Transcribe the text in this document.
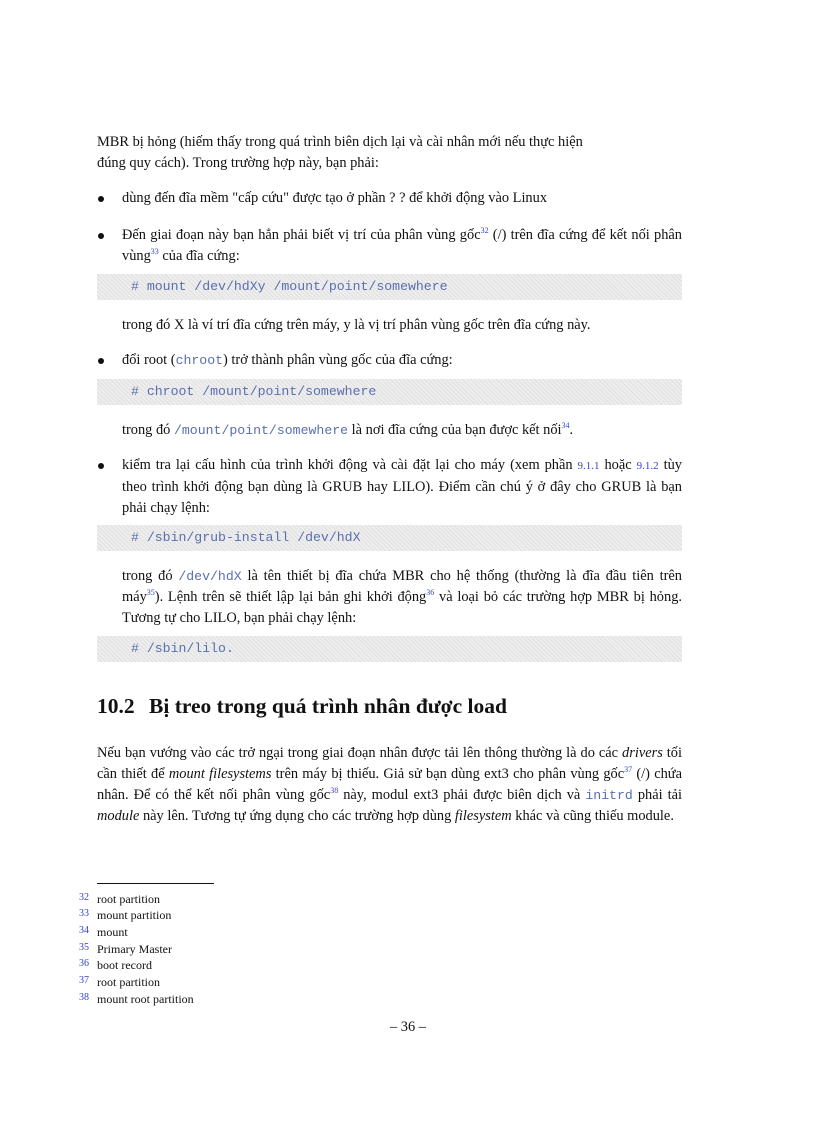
MBR bị hỏng (hiếm thấy trong quá trình biên dịch lại và cài nhân mới nếu thực hiện
đúng quy cách). Trong trường hợp này, bạn phải:

dùng đến đĩa mềm "cấp cứu" được tạo ở phần ? ? để khởi động vào Linux

Đến giai đoạn này bạn hẳn phải biết vị trí của phân vùng gốc$^{32}$ (/) trên đĩa cứng để kết nối phân vùng$^{33}$ của đĩa cứng:

# mount /dev/hdXy /mount/point/somewhere

trong đó X là ví trí đĩa cứng trên máy, y là vị trí phân vùng gốc trên đĩa cứng này.

đổi root (chroot) trở thành phân vùng gốc của đĩa cứng:

# chroot /mount/point/somewhere

trong đó /mount/point/somewhere là nơi đĩa cứng của bạn được kết nối$^{34}$.

kiểm tra lại cấu hình của trình khởi động và cài đặt lại cho máy (xem phần 9.1.1 hoặc 9.1.2 tùy theo trình khởi động bạn dùng là GRUB hay LILO). Điểm cần chú ý ở đây cho GRUB là bạn phải chạy lệnh:

# /sbin/grub-install /dev/hdX

trong đó /dev/hdX là tên thiết bị đĩa chứa MBR cho hệ thống (thường là đĩa đầu tiên trên máy$^{35}$). Lệnh trên sẽ thiết lập lại bản ghi khởi động$^{36}$ và loại bỏ các trường hợp MBR bị hỏng. Tương tự cho LILO, bạn phải chạy lệnh:

# /sbin/lilo.
10.2 Bị treo trong quá trình nhân được load

Nếu bạn vướng vào các trở ngại trong giai đoạn nhân được tải lên thông thường là do các drivers tối cần thiết để mount filesystems trên máy bị thiếu. Giả sử bạn dùng ext3 cho phân vùng gốc$^{37}$ (/) chứa nhân. Để có thể kết nối phân vùng gốc$^{38}$ này, modul ext3 phải được biên dịch và initrd phải tải module này lên. Tương tự ứng dụng cho các trường hợp dùng filesystem khác và cũng thiếu module.

32 root partition
33 mount partition
34 mount
35 Primary Master
36 boot record
37 root partition
38 mount root partition
– 36 –
